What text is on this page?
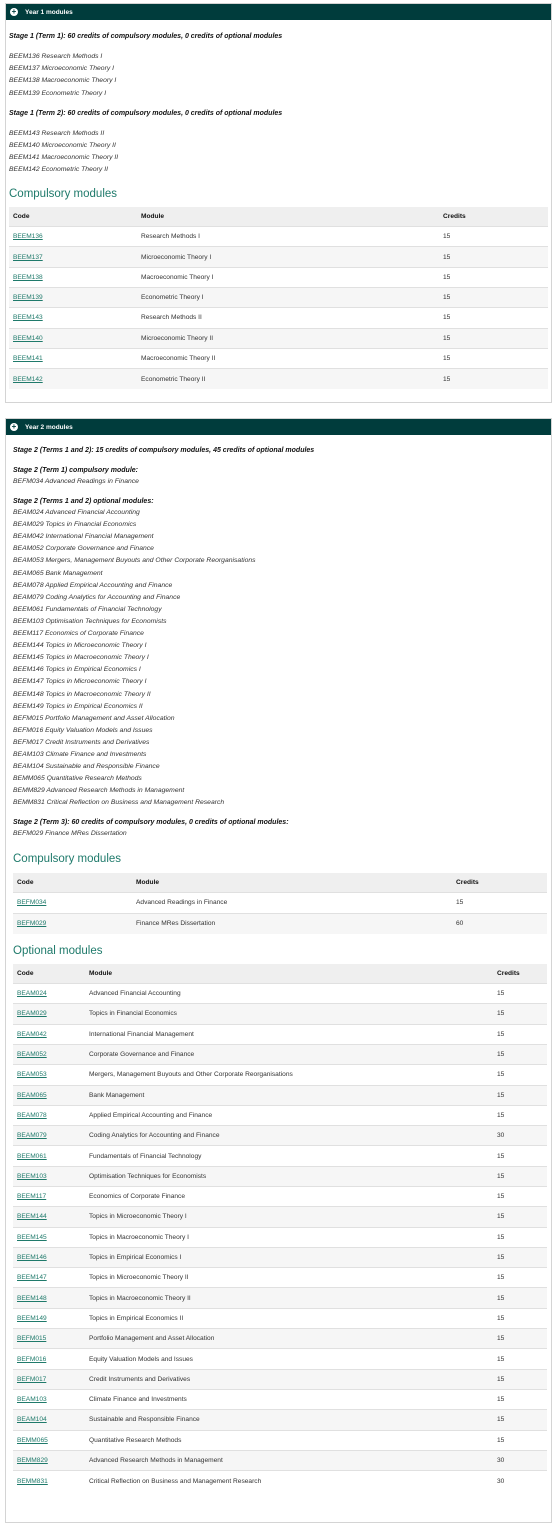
+ Year 1 modules
Stage 1 (Term 1): 60 credits of compulsory modules, 0 credits of optional modules
BEEM136 Research Methods I
BEEM137 Microeconomic Theory I
BEEM138 Macroeconomic Theory I
BEEM139 Econometric Theory I
Stage 1 (Term 2): 60 credits of compulsory modules, 0 credits of optional modules
BEEM143 Research Methods II
BEEM140 Microeconomic Theory II
BEEM141 Macroeconomic Theory II
BEEM142 Econometric Theory II
Compulsory modules
Code	Module	Credits
BEEM136	Research Methods I	15
BEEM137	Microeconomic Theory I	15
BEEM138	Macroeconomic Theory I	15
BEEM139	Econometric Theory I	15
BEEM143	Research Methods II	15
BEEM140	Microeconomic Theory II	15
BEEM141	Macroeconomic Theory II	15
BEEM142	Econometric Theory II	15
+ Year 2 modules
Stage 2 (Terms 1 and 2): 15 credits of compulsory modules, 45 credits of optional modules
Stage 2 (Term 1) compulsory module:
BEFM034 Advanced Readings in Finance
Stage 2 (Terms 1 and 2) optional modules:
BEAM024 Advanced Financial Accounting
BEAM029 Topics in Financial Economics
BEAM042 International Financial Management
BEAM052 Corporate Governance and Finance
BEAM053 Mergers, Management Buyouts and Other Corporate Reorganisations
BEAM065 Bank Management
BEAM078 Applied Empirical Accounting and Finance
BEAM079 Coding Analytics for Accounting and Finance
BEEM061 Fundamentals of Financial Technology
BEEM103 Optimisation Techniques for Economists
BEEM117 Economics of Corporate Finance
BEEM144 Topics in Microeconomic Theory I
BEEM145 Topics in Macroeconomic Theory I
BEEM146 Topics in Empirical Economics I
BEEM147 Topics in Microeconomic Theory I
BEEM148 Topics in Macroeconomic Theory II
BEEM149 Topics in Empirical Economics II
BEFM015 Portfolio Management and Asset Allocation
BEFM016 Equity Valuation Models and Issues
BEFM017 Credit Instruments and Derivatives
BEAM103 Climate Finance and Investments
BEAM104 Sustainable and Responsible Finance
BEMM065 Quantitative Research Methods
BEMM829 Advanced Research Methods in Management
BEMM831 Critical Reflection on Business and Management Research
Stage 2 (Term 3): 60 credits of compulsory modules, 0 credits of optional modules:
BEFM029 Finance MRes Dissertation
Compulsory modules
Code	Module	Credits
BEFM034	Advanced Readings in Finance	15
BEFM029	Finance MRes Dissertation	60
Optional modules
Code	Module	Credits
BEAM024	Advanced Financial Accounting	15
BEAM029	Topics in Financial Economics	15
BEAM042	International Financial Management	15
BEAM052	Corporate Governance and Finance	15
BEAM053	Mergers, Management Buyouts and Other Corporate Reorganisations	15
BEAM065	Bank Management	15
BEAM078	Applied Empirical Accounting and Finance	15
BEAM079	Coding Analytics for Accounting and Finance	30
BEEM061	Fundamentals of Financial Technology	15
BEEM103	Optimisation Techniques for Economists	15
BEEM117	Economics of Corporate Finance	15
BEEM144	Topics in Microeconomic Theory I	15
BEEM145	Topics in Macroeconomic Theory I	15
BEEM146	Topics in Empirical Economics I	15
BEEM147	Topics in Microeconomic Theory II	15
BEEM148	Topics in Macroeconomic Theory II	15
BEEM149	Topics in Empirical Economics II	15
BEFM015	Portfolio Management and Asset Allocation	15
BEFM016	Equity Valuation Models and Issues	15
BEFM017	Credit Instruments and Derivatives	15
BEAM103	Climate Finance and Investments	15
BEAM104	Sustainable and Responsible Finance	15
BEMM065	Quantitative Research Methods	15
BEMM829	Advanced Research Methods in Management	30
BEMM831	Critical Reflection on Business and Management Research	30
